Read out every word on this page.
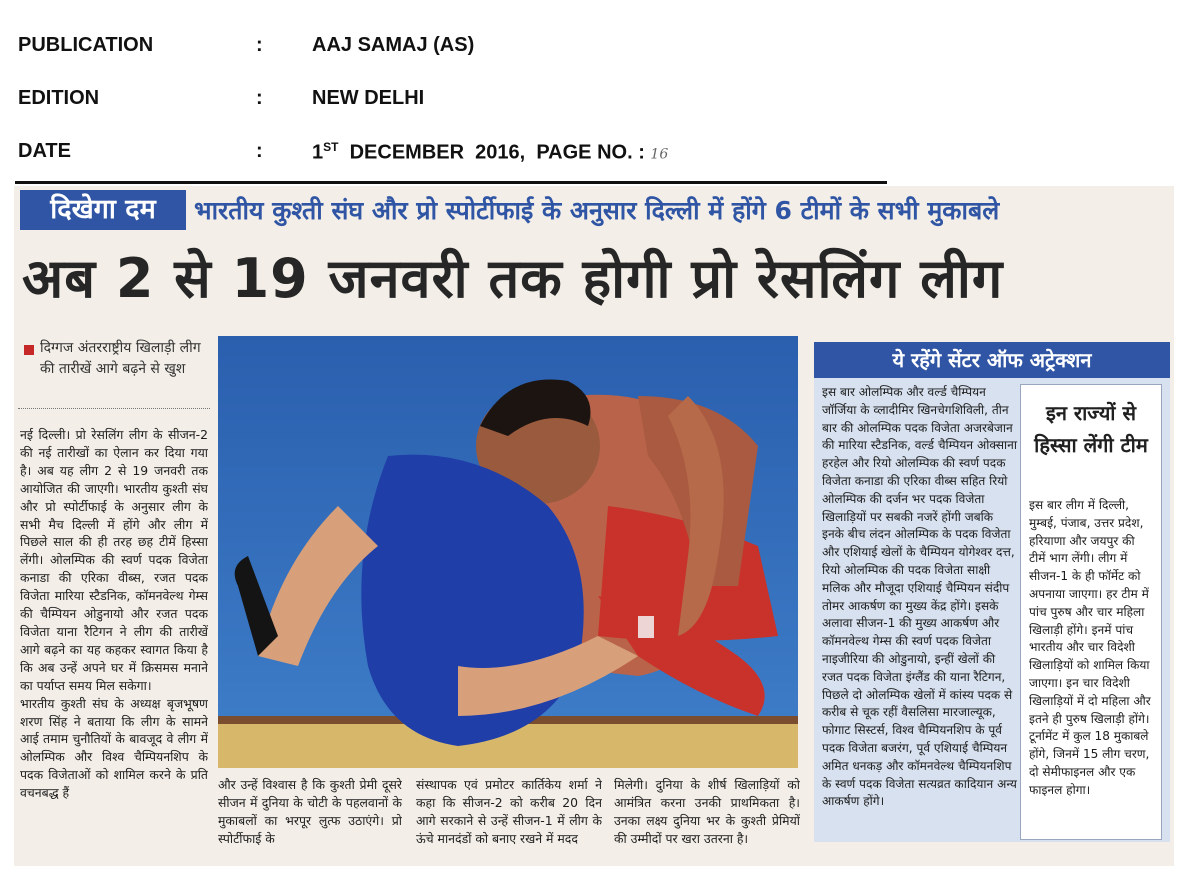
PUBLICATION	: AAJ SAMAJ (AS)
EDITION	: NEW DELHI
DATE	: 1ST DECEMBER  2016,  PAGE NO. : 16
दिखेगा दम	भारतीय कुश्ती संघ और प्रो स्पोर्टीफाई के अनुसार दिल्ली में होंगे 6 टीमों के सभी मुकाबले
अब 2 से 19 जनवरी तक होगी प्रो रेसलिंग लीग
दिग्गज अंतरराष्ट्रीय खिलाड़ी लीग की तारीखें आगे बढ़ने से खुश
नई दिल्ली। प्रो रेसलिंग लीग के सीजन-2 की नई तारीखों का ऐलान कर दिया गया है। अब यह लीग 2 से 19 जनवरी तक आयोजित की जाएगी। भारतीय कुश्ती संघ और प्रो स्पोर्टीफाई के अनुसार लीग के सभी मैच दिल्ली में होंगे और लीग में पिछले साल की ही तरह छह टीमें हिस्सा लेंगी। ओलम्पिक की स्वर्ण पदक विजेता कनाडा की एरिका वीब्स, रजत पदक विजेता मारिया स्टैडनिक, कॉमनवेल्थ गेम्स की चैम्पियन ओडुनायो और रजत पदक विजेता याना रैटिगन ने लीग की तारीखें आगे बढ़ने का यह कहकर स्वागत किया है कि अब उन्हें अपने घर में क्रिसमस मनाने का पर्याप्त समय मिल सकेगा।
भारतीय कुश्ती संघ के अध्यक्ष बृजभूषण शरण सिंह ने बताया कि लीग के सामने आई तमाम चुनौतियों के बावजूद वे लीग में ओलम्पिक और विश्व चैम्पियनशिप के पदक विजेताओं को शामिल करने के प्रति वचनबद्ध हैं
और उन्हें विश्वास है कि कुश्ती प्रेमी दूसरे सीजन में दुनिया के चोटी के पहलवानों के मुकाबलों का भरपूर लुत्फ उठाएंगे। प्रो स्पोर्टीफाई के
संस्थापक एवं प्रमोटर कार्तिकेय शर्मा ने कहा कि सीजन-2 को करीब 20 दिन आगे सरकाने से उन्हें सीजन-1 में लीग के ऊंचे मानदंडों को बनाए रखने में मदद
मिलेगी। दुनिया के शीर्ष खिलाड़ियों को आमंत्रित करना उनकी प्राथमिकता है। उनका लक्ष्य दुनिया भर के कुश्ती प्रेमियों की उम्मीदों पर खरा उतरना है।
ये रहेंगे सेंटर ऑफ अट्रेक्शन
इस बार ओलम्पिक और वर्ल्ड चैम्पियन जॉर्जिया के व्लादीमिर खिनचेगशिविली, तीन बार की ओलम्पिक पदक विजेता अजरबेजान की मारिया स्टैडनिक, वर्ल्ड चैम्पियन ओक्साना हरहेल और रियो ओलम्पिक की स्वर्ण पदक विजेता कनाडा की एरिका वीब्स सहित रियो ओलम्पिक की दर्जन भर पदक विजेता खिलाड़ियों पर सबकी नजरें होंगी जबकि इनके बीच लंदन ओलम्पिक के पदक विजेता और एशियाई खेलों के चैम्पियन योगेश्वर दत्त, रियो ओलम्पिक की पदक विजेता साक्षी मलिक और मौजूदा एशियाई चैम्पियन संदीप तोमर आकर्षण का मुख्य केंद्र होंगे। इसके अलावा सीजन-1 की मुख्य आकर्षण और कॉमनवेल्थ गेम्स की स्वर्ण पदक विजेता नाइजीरिया की ओडुनायो, इन्हीं खेलों की रजत पदक विजेता इंग्लैंड की याना रैटिगन, पिछले दो ओलम्पिक खेलों में कांस्य पदक से करीब से चूक रहीं वैसलिसा मारजाल्यूक, फोगाट सिस्टर्स, विश्व चैम्पियनशिप के पूर्व पदक विजेता बजरंग, पूर्व एशियाई चैम्पियन अमित धनकड़ और कॉमनवेल्थ चैम्पियनशिप के स्वर्ण पदक विजेता सत्यव्रत कादियान अन्य आकर्षण होंगे।
इन राज्यों से हिस्सा लेंगी टीम
इस बार लीग में दिल्ली, मुम्बई, पंजाब, उत्तर प्रदेश, हरियाणा और जयपुर की टीमें भाग लेंगी। लीग में सीजन-1 के ही फॉर्मेट को अपनाया जाएगा। हर टीम में पांच पुरुष और चार महिला खिलाड़ी होंगे। इनमें पांच भारतीय और चार विदेशी खिलाड़ियों को शामिल किया जाएगा। इन चार विदेशी खिलाड़ियों में दो महिला और इतने ही पुरुष खिलाड़ी होंगे। टूर्नामेंट में कुल 18 मुकाबले होंगे, जिनमें 15 लीग चरण, दो सेमीफाइनल और एक फाइनल होगा।
